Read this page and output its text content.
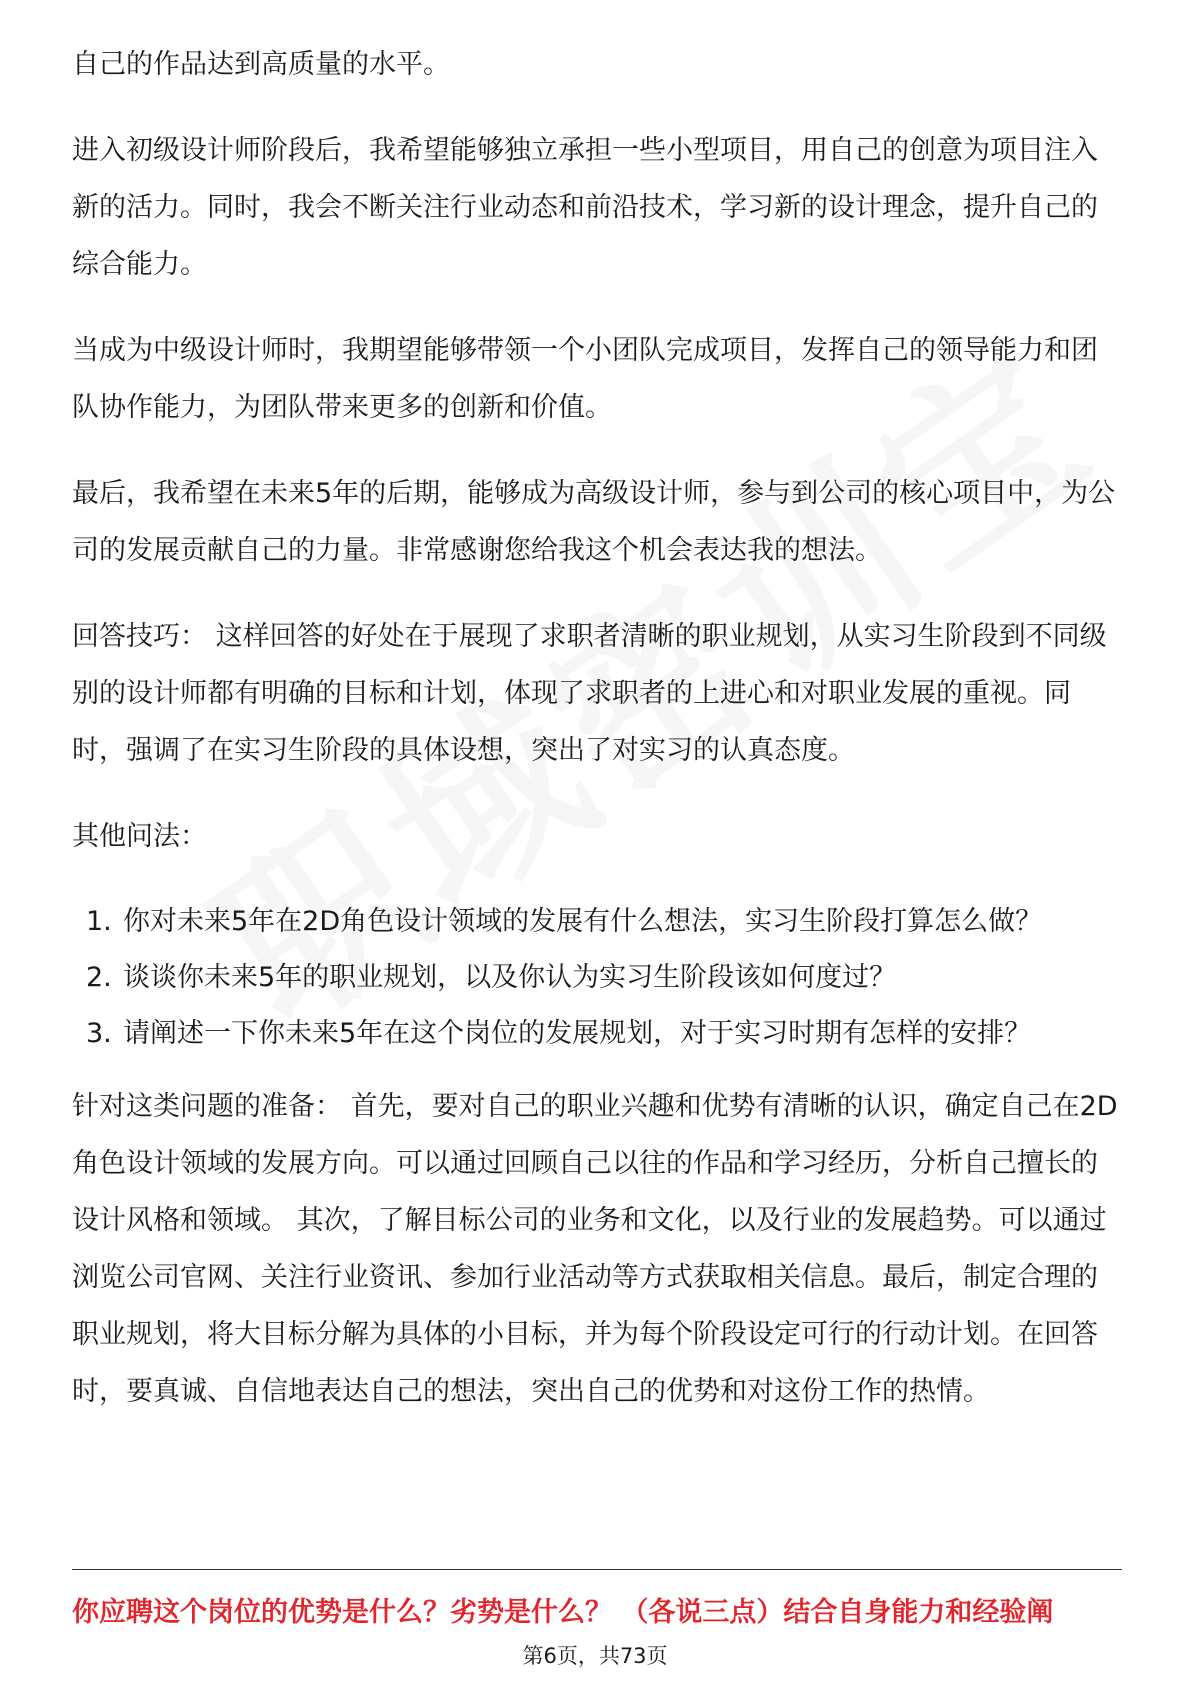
自己的作品达到高质量的水平。

进入初级设计师阶段后，我希望能够独立承担一些小型项目，用自己的创意为项目注入新的活力。同时，我会不断关注行业动态和前沿技术，学习新的设计理念，提升自己的综合能力。

当成为中级设计师时，我期望能够带领一个小团队完成项目，发挥自己的领导能力和团队协作能力，为团队带来更多的创新和价值。

最后，我希望在未来5年的后期，能够成为高级设计师，参与到公司的核心项目中，为公司的发展贡献自己的力量。非常感谢您给我这个机会表达我的想法。

回答技巧： 这样回答的好处在于展现了求职者清晰的职业规划，从实习生阶段到不同级别的设计师都有明确的目标和计划，体现了求职者的上进心和对职业发展的重视。同时，强调了在实习生阶段的具体设想，突出了对实习的认真态度。

其他问法：

1. 你对未来5年在2D角色设计领域的发展有什么想法，实习生阶段打算怎么做？
2. 谈谈你未来5年的职业规划，以及你认为实习生阶段该如何度过？
3. 请阐述一下你未来5年在这个岗位的发展规划，对于实习时期有怎样的安排？

针对这类问题的准备： 首先，要对自己的职业兴趣和优势有清晰的认识，确定自己在2D角色设计领域的发展方向。可以通过回顾自己以往的作品和学习经历，分析自己擅长的设计风格和领域。 其次，了解目标公司的业务和文化，以及行业的发展趋势。可以通过浏览公司官网、关注行业资讯、参加行业活动等方式获取相关信息。最后，制定合理的职业规划，将大目标分解为具体的小目标，并为每个阶段设定可行的行动计划。在回答时，要真诚、自信地表达自己的想法，突出自己的优势和对这份工作的热情。

你应聘这个岗位的优势是什么？劣势是什么？ （各说三点）结合自身能力和经验阐
第6页，共73页
